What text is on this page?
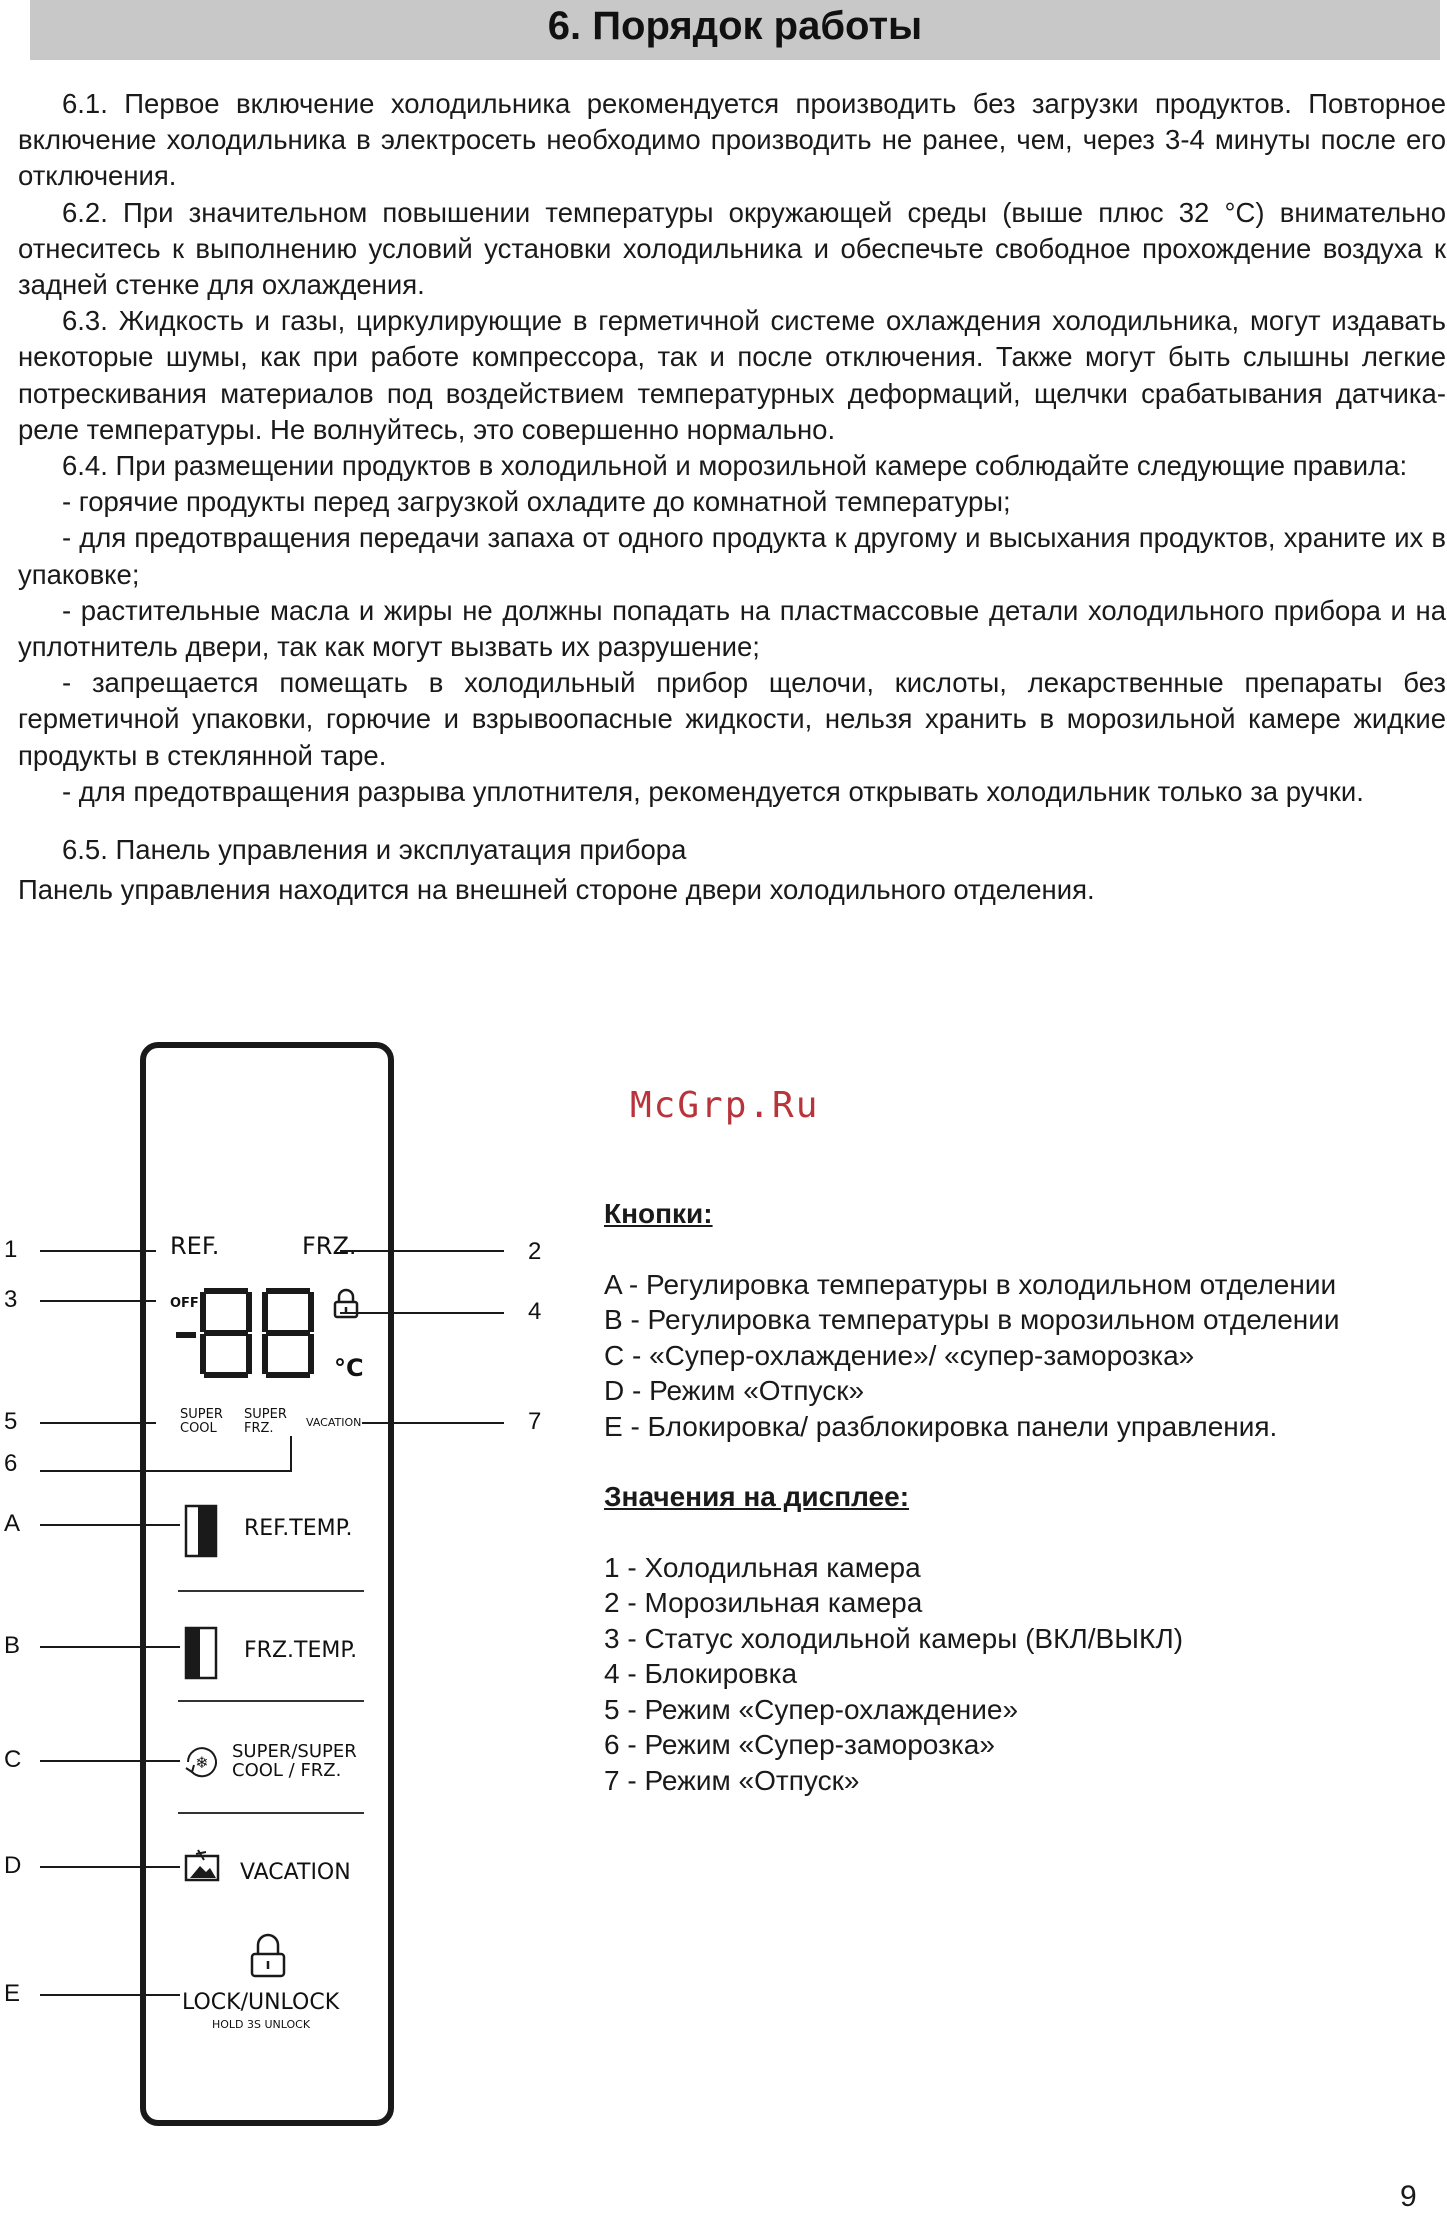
6. Порядок работы

6.1. Первое включение холодильника рекомендуется производить без загрузки продуктов. Повторное включение холодильника в электросеть необходимо производить не ранее, чем, через 3-4 минуты после его отключения.

6.2. При значительном повышении температуры окружающей среды (выше плюс 32 °С) внимательно отнеситесь к выполнению условий установки холодильника и обеспечьте свободное прохождение воздуха к задней стенке для охлаждения.

6.3. Жидкость и газы, циркулирующие в герметичной системе охлаждения холодильника, могут издавать некоторые шумы, как при работе компрессора, так и после отключения. Также могут быть слышны легкие потрескивания материалов под воздействием температурных деформаций, щелчки срабатывания датчика-реле температуры. Не волнуйтесь, это совершенно нормально.

6.4. При размещении продуктов в холодильной и морозильной камере соблюдайте следующие правила:

- горячие продукты перед загрузкой охладите до комнатной температуры;

- для предотвращения передачи запаха от одного продукта к другому и высыхания продуктов, храните их в упаковке;

- растительные масла и жиры не должны попадать на пластмассовые детали холодильного прибора и на уплотнитель двери, так как могут вызвать их разрушение;

- запрещается помещать в холодильный прибор щелочи, кислоты, лекарственные препараты без герметичной упаковки, горючие и взрывоопасные жидкости, нельзя хранить в морозильной камере жидкие продукты в стеклянной таре.

- для предотвращения разрыва уплотнителя, рекомендуется открывать холодильник только за ручки.

6.5. Панель управления и эксплуатация прибора

Панель управления находится на внешней стороне двери холодильного отделения.

REF.	FRZ.
OFF
°C
SUPER
COOL
SUPER
FRZ.	VACATION
REF.TEMP.
FRZ.TEMP.
❄
SUPER/SUPER
COOL / FRZ.
VACATION
LOCK/UNLOCK
HOLD 3S UNLOCK
1
3
5
6
A
B
C
D
E
2
4
7
McGrp.Ru

Кнопки:

A - Регулировка температуры в холодильном отделении

B - Регулировка температуры в морозильном отделении

C - «Супер-охлаждение»/ «супер-заморозка»

D - Режим «Отпуск»

E - Блокировка/ разблокировка панели управления.

Значения на дисплее:

1 - Холодильная камера

2 - Морозильная камера

3 - Статус холодильной камеры (ВКЛ/ВЫКЛ)

4 - Блокировка

5 - Режим «Супер-охлаждение»

6 - Режим «Супер-заморозка»

7 - Режим «Отпуск»

9
